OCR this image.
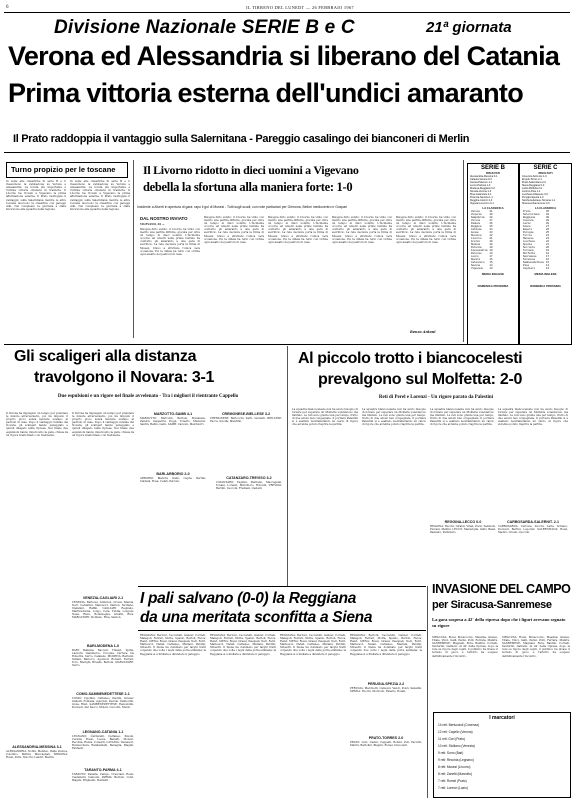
6	IL TIRRENO DEL LUNEDI' — 26 FEBBRAIO 1967
Divisione Nazionale SERIE B e C	21ª giornata
Verona ed Alessandria si liberano del Catania
Prima vittoria esterna dell'undici amaranto
Il Prato raddoppia il vantaggio sulla Salernitana - Pareggio casalingo dei bianconeri di Merlin
Turno propizio per le toscane
In sette alle classifiche di serie B e C riassumono la valutazione su Verona e Alessandria. La novità più importante è l'ultima vittoria ottenuta in trasferta. Il Livorno ha trovato a Vigevano la prima affermazione esterna. Il Prato raddoppia il vantaggio sulla Salernitana mentre le altre toscane muovono la classifica con pareggi utili. Nel complesso la giornata è stata favorevole alle squadre della regione.
In sette alle classifiche di serie B e C riassumono la valutazione su Verona e Alessandria. La novità più importante è l'ultima vittoria ottenuta in trasferta. Il Livorno ha trovato a Vigevano la prima affermazione esterna. Il Prato raddoppia il vantaggio sulla Salernitana mentre le altre toscane muovono la classifica con pareggi utili. Nel complesso la giornata è stata favorevole alle squadre della regione.
Il Livorno ridotto in dieci uomini a Vigevano
debella la sfortuna alla maniera forte: 1-0
Incidente a Alverti in apertura di gara: rapo il gol di Mosesi - Tutti sugli scudi, con note particolari per Grimona, Bellori mediocentro e Gospari
DAL NOSTRO INVIATO
VIGEVANO, 26 —
Bisogna dirlo subito: il Livorno ha vinto con merito una partita difficile, giocata per oltre un tempo in dieci uomini. L'incidente occorso ad Alverti nelle prime battute ha costretto gli amaranto a una gara di sacrificio. La rete decisiva porta la firma di Mosesi, bravo a sfruttare l'unica vera occasione. Poi la difesa ha retto con ordine ogni assalto dei padroni di casa.
Bisogna dirlo subito: il Livorno ha vinto con merito una partita difficile, giocata per oltre un tempo in dieci uomini. L'incidente occorso ad Alverti nelle prime battute ha costretto gli amaranto a una gara di sacrificio. La rete decisiva porta la firma di Mosesi, bravo a sfruttare l'unica vera occasione. Poi la difesa ha retto con ordine ogni assalto dei padroni di casa.
Bisogna dirlo subito: il Livorno ha vinto con merito una partita difficile, giocata per oltre un tempo in dieci uomini. L'incidente occorso ad Alverti nelle prime battute ha costretto gli amaranto a una gara di sacrificio. La rete decisiva porta la firma di Mosesi, bravo a sfruttare l'unica vera occasione. Poi la difesa ha retto con ordine ogni assalto dei padroni di casa.
Bisogna dirlo subito: il Livorno ha vinto con merito una partita difficile, giocata per oltre un tempo in dieci uomini. L'incidente occorso ad Alverti nelle prime battute ha costretto gli amaranto a una gara di sacrificio. La rete decisiva porta la firma di Mosesi, bravo a sfruttare l'unica vera occasione. Poi la difesa ha retto con ordine ogni assalto dei padroni di casa.
Bisogna dirlo subito: il Livorno ha vinto con merito una partita difficile, giocata per oltre un tempo in dieci uomini. L'incidente occorso ad Alverti nelle prime battute ha costretto gli amaranto a una gara di sacrificio. La rete decisiva porta la firma di Mosesi, bravo a sfruttare l'unica vera occasione. Poi la difesa ha retto con ordine ogni assalto dei padroni di casa.
Renzo Antoni
SERIE B
RISULTATI
Alessandria-Messina 3-1
Catania-Verona 0-3
Genoa-Palermo 1-1
Lecco-Padova 1-0
Modena-Reggiana 0-0
Novara-Verona 1-3
Pisa-Catanzaro 2-1
Potenza-Savona 1-1
Reggina-Arezzo 2-0
Vigevano-Livorno 0-1
LA CLASSIFICA
Varese	31
Venezia	29
Sampdoria	28
Verona	27
Padova	26
Reggina	25
Catania	24
Genoa	23
Messina	22
Livorno	21
Arezzo	20
Modena	20
Potenza	19
Alessandria	19
Palermo	18
Lecco	17
Novara	16
Catanzaro	15
Savona	14
Vigevano	13
MEDIA INGLESE
DOMENICA PROSSIMA
SERIE C
RISULTATI
Cosenza-Sorrento 1-0
Empoli-Torres 2-1
Prato-Salernitana 2-0
Siena-Reggiana 0-0
Lazio-Molfetta 2-0
Livorno-Pisa 1-1
Lucchese-Massese 0-0
Perugia-Spezia 1-0
Sambenedettese-Ternana 1-1
Siracusa-Sanremese 0-0
LA CLASSIFICA
Prato	36
Salernitana	32
Reggiana	30
Cosenza	29
Lazio	28
Siena	27
Empoli	26
Perugia	25
Torres	24
Massese	23
Lucchese	22
Spezia	21
Sorrento	20
Ternana	19
Molfetta	18
Sanremese	17
Siracusa	16
Sambenedettese	15
Pisa	14
Cagliari	13
MEDIA INGLESE
DOMENICA PROSSIMA
Gli scaligeri alla distanza
travolgono il Novara: 3-1
Due espulsioni e un rigore nel finale avvelenato - Tra i migliori il rientrante Cappello
Il Verona ha impiegato un tempo per prendere le misure all'avversario, poi ha imposto il proprio gioco senza lasciare scampo ai padroni di casa. Dopo il vantaggio iniziale del Novara, gli scaligeri hanno pareggiato e quindi dilagato nella ripresa. Nel finale due espulsioni hanno innervosito la gara, chiusa da un rigore trasformato con freddezza.
Il Verona ha impiegato un tempo per prendere le misure all'avversario, poi ha imposto il proprio gioco senza lasciare scampo ai padroni di casa. Dopo il vantaggio iniziale del Novara, gli scaligeri hanno pareggiato e quindi dilagato nella ripresa. Nel finale due espulsioni hanno innervosito la gara, chiusa da un rigore trasformato con freddezza.
Al piccolo trotto i biancocelesti
prevalgono sul Molfetta: 2-0
Reti di Perel e Lorenzi - Un rigore parato da Palestini
La squadra biancoceleste non ha avuto bisogno di forzare per superare un Molfetta volenteroso ma limitato. Le reti sono giunte una per tempo, frutto di due azioni ben congegnate. Il portiere Palestini si è esaltato neutralizzando un calcio di rigore che avrebbe potuto riaprire la partita.
La squadra biancoceleste non ha avuto bisogno di forzare per superare un Molfetta volenteroso ma limitato. Le reti sono giunte una per tempo, frutto di due azioni ben congegnate. Il portiere Palestini si è esaltato neutralizzando un calcio di rigore che avrebbe potuto riaprire la partita.
La squadra biancoceleste non ha avuto bisogno di forzare per superare un Molfetta volenteroso ma limitato. Le reti sono giunte una per tempo, frutto di due azioni ben congegnate. Il portiere Palestini si è esaltato neutralizzando un calcio di rigore che avrebbe potuto riaprire la partita.
La squadra biancoceleste non ha avuto bisogno di forzare per superare un Molfetta volenteroso ma limitato. Le reti sono giunte una per tempo, frutto di due azioni ben congegnate. Il portiere Palestini si è esaltato neutralizzando un calcio di rigore che avrebbe potuto riaprire la partita.
VENEZIA-CAGLIARI 2-1
VENEZIA: Bertossi, Ardizzon, Grossi, Mazzia, Neri, Carantini, Mencacci, Santon, Siciliano, Stefanini, Raffin. CAGLIARI: Reginato, Martiradonna, Longo, Cera, Tiddia, Longoni, Nenè, Rizzo, Boninsegna, Greatti, Riva. MARCATORI: Siciliano, Riva, Santon.
BARI-MODENA 1-0
BARI: Bellavia, Baccari, Tinazzi, Spimi, Lazzotti, Gianmarco, Cicogna, Carrera, De Robertis, Surro, Catalano. MODENA: Barluzzi, Vellani, Barucco, Aguzzoli, Borsari, Ferrari, Toro, Merighi, Bruells, Bettoni. MARCATORE: Surro.
COMO-SAMMENEDETTESE 2-1
COMO: Cipollini, Cattaneo, Paolini, Gruner, Galletti, Fontana, Aguzzoli, Pezzoli, Tamborini, Gioia, Rizzi. SAMBENEDETTESE: Remondini, Pozzuoli, Del Sacco, Moleri, Ceccotti, Muzzi.
LEGNANO-CATANIA 1-1
LEGNANO: Cardarelli, Cattaneo, Pavoni, Cereda, Rossi, Leone, Baraldi, Monzio, Recchia, Ruzza, Colautti. CATANIA: Vavassori, Buzzacchera, Rambaldelli, Benaglia, Biagini, Fantazzi.
TARANTO-PARMA 4-1
TARANTO: Zanella, Campo, Cresciani, Rossi, Castelletti, Camozzi. PARMA: Bertoni, Colzi, Biagini, Brighenti, Bonfanti.
ALESSANDRIA-MESSINA 3-1
ALESSANDRIA: Nobili, Melideo, Dalle Vedove, Colombo, Bettini, Maccagnan. MESSINA: Rossi, Dotti, Stucchi, Landri, Marini.
MARZOTTO-SAMB 4-1
MARZOTTO: Marcolin, Bertoni, Romanato, Zanetti, Gasperini, Poggi, Tonetto, Munaron, Santin, Bellin, Gallo. SAMB: Carsoni, Melchiorri.
BARI-ARBORIO 2-0
ARBORIO: Bianchi, Gallo, Capra, Bertini, Caldara, Rosa, Cefali, Petroni.
REGGINA-LECCO 0-0
REGGINA: Recchi, Giraldi, Vitali, Pozzi, Sabbioni, Piovani, Mellini. LECCO: Meraviglia, Gatti, Bassi, Pasinato, Pellizzaro.
CARBOSARDA-SALERNIT. 2-1
CARBOSARDA: Cerrone, Zucchi, Laria, Schiavo, Pozzuoli, Bertini, Leporati. SALERNITANA: Rossi, Medici, Grossi, Cecconi.
CREMONESE-BIELLESE 3-2
CREMONESE: Bertocchi, Sarti, Guidetti. BIELLESE: Facca, Sciolla, Manfrini.
CATANZARO-TREVISO 3-2
CATANZARO: Tagnini, Pastrello, Maccagnan, Tonani, Lorenzi, Marchioro, Rotondi. TREVISO: Bertini, Cecconi, Frediani, Castelli.
PERUGIA-SPEZIA 2-2
PERUGIA: Marchetti, Camozzi, Valoti, Pozzi, Sabatini. SPEZIA: Rocchi, Moriconi, Fanello, Rosati.
PRATO-TORRES 2-0
PRATO: Gori, Casini, Cappelli, Bonini, Poli, Paciotti, Marini, Bartolini, Biagini, Romei, Innocenti.
I pali salvano (0-0) la Reggiana
da una meritata sconfitta a Siena
REGGIANA: Bertoni, Ceccarelli, Ganzer, Corradi, Malagoli, Ferrari, Motta, Spanio, Bertoli, Facca, Renzi. SIENA: Rossi, Grassi, Pasquali, Neri, Ferri, Matteucci, Natali, Cattaneo, Mariani, Pardini, Silvestri. Il Siena ha dominato per larghi tratti colpendo due volte i legni della porta emiliana; la Reggiana si è limitata a difendere il pareggio.
REGGIANA: Bertoni, Ceccarelli, Ganzer, Corradi, Malagoli, Ferrari, Motta, Spanio, Bertoli, Facca, Renzi. SIENA: Rossi, Grassi, Pasquali, Neri, Ferri, Matteucci, Natali, Cattaneo, Mariani, Pardini, Silvestri. Il Siena ha dominato per larghi tratti colpendo due volte i legni della porta emiliana; la Reggiana si è limitata a difendere il pareggio.
REGGIANA: Bertoni, Ceccarelli, Ganzer, Corradi, Malagoli, Ferrari, Motta, Spanio, Bertoli, Facca, Renzi. SIENA: Rossi, Grassi, Pasquali, Neri, Ferri, Matteucci, Natali, Cattaneo, Mariani, Pardini, Silvestri. Il Siena ha dominato per larghi tratti colpendo due volte i legni della porta emiliana; la Reggiana si è limitata a difendere il pareggio.
REGGIANA: Bertoni, Ceccarelli, Ganzer, Corradi, Malagoli, Ferrari, Motta, Spanio, Bertoli, Facca, Renzi. SIENA: Rossi, Grassi, Pasquali, Neri, Ferri, Matteucci, Natali, Cattaneo, Mariani, Pardini, Silvestri. Il Siena ha dominato per larghi tratti colpendo due volte i legni della porta emiliana; la Reggiana si è limitata a difendere il pareggio.
INVASIONE DEL CAMPO
per Siracusa-Sanremese
La gara sospesa a 42' della ripresa dopo che i liguri avevano segnato su rigore
SIRACUSA: Rossi, Bonaccorso, Messina, Grasso, Vitale, Vinci, Galli, Parisi, Polli, Ferrara, Manfrè. SANREMESE: Magnani, Rota, Baldini, Corradi, Venturini, Galluzzi. Al 42' della ripresa, dopo la rete su rigore degli ospiti, il pubblico ha invaso il terreno di gioco e l'arbitro ha sospeso definitivamente l'incontro.
SIRACUSA: Rossi, Bonaccorso, Messina, Grasso, Vitale, Vinci, Galli, Parisi, Polli, Ferrara, Manfrè. SANREMESE: Magnani, Rota, Baldini, Corradi, Venturini, Galluzzi. Al 42' della ripresa, dopo la rete su rigore degli ospiti, il pubblico ha invaso il terreno di gioco e l'arbitro ha sospeso definitivamente l'incontro.
I marcatori
14 reti: Bertuccioli (Cosenza)
12 reti: Capello (Verona)
11 reti: Gori (Prato)
10 reti: Siciliano (Venezia)
9 reti: Surro (Bari)
9 reti: Recchia (Legnano)
8 reti: Mosesi (Livorno)
8 reti: Zanetti (Marzotto)
7 reti: Romei (Prato)
7 reti: Lorenzi (Lazio)
